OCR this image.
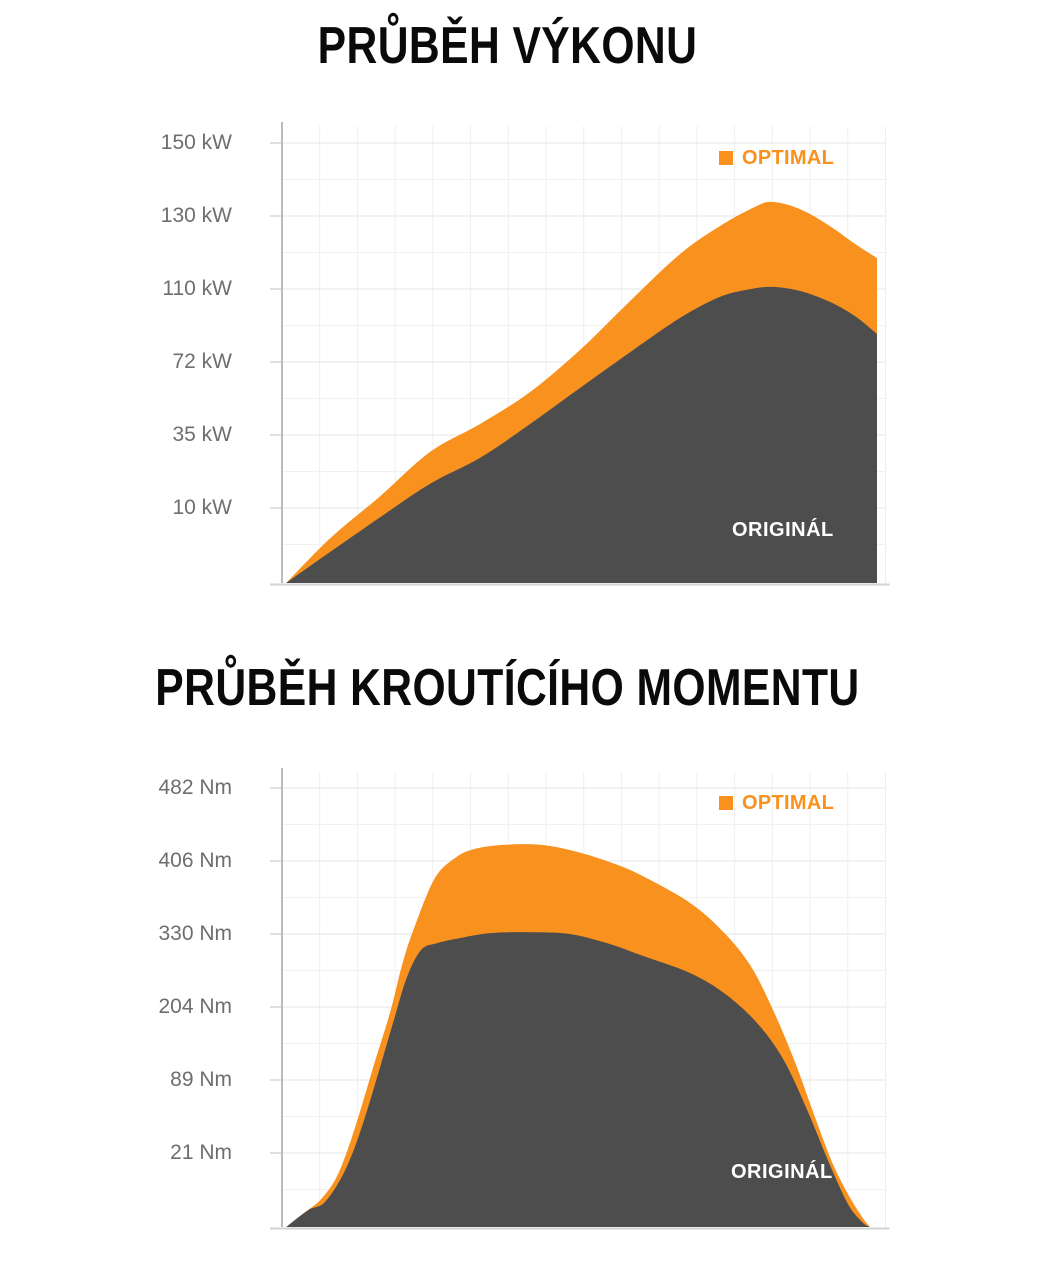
PRŮBĚH VÝKONU
PRŮBĚH KROUTÍCÍHO MOMENTU
150 kW
130 kW
110 kW
72 kW
35 kW
10 kW
482 Nm
406 Nm
330 Nm
204 Nm
89 Nm
21 Nm
OPTIMAL
OPTIMAL
ORIGINÁL
ORIGINÁL
